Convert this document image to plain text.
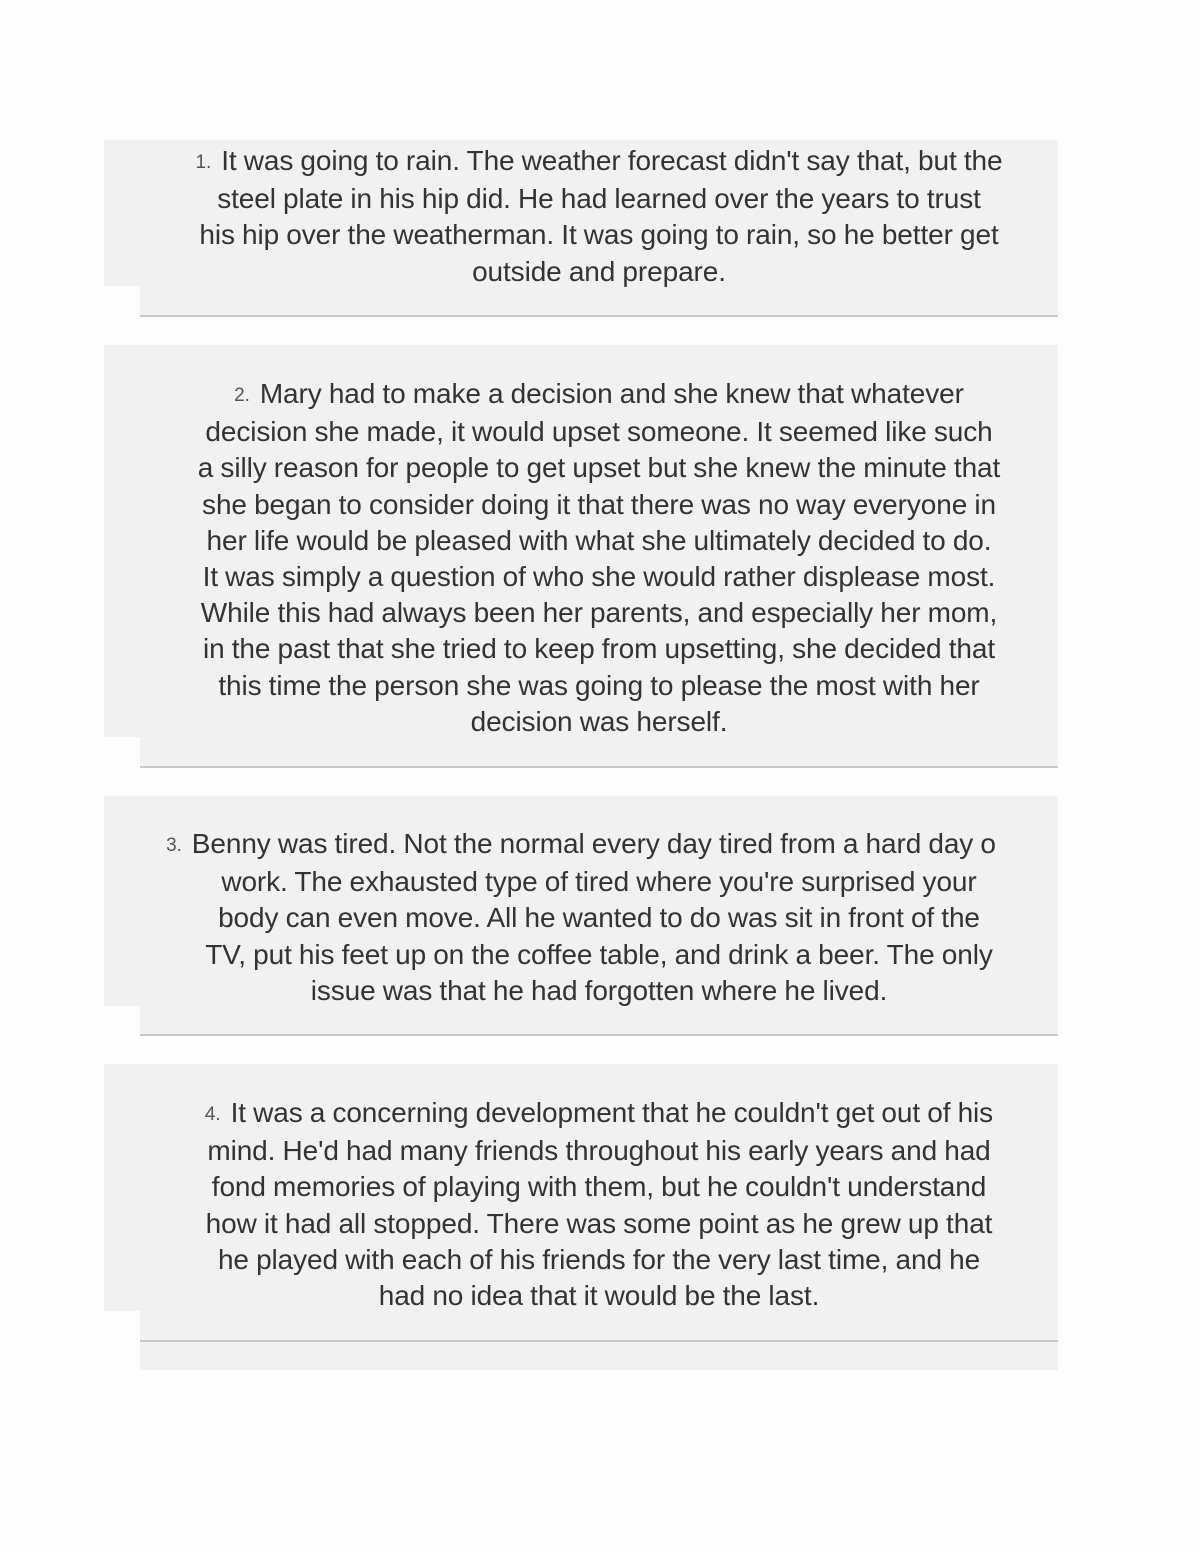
1. It was going to rain. The weather forecast didn't say that, but the
steel plate in his hip did. He had learned over the years to trust
his hip over the weatherman. It was going to rain, so he better get
outside and prepare.
2. Mary had to make a decision and she knew that whatever
decision she made, it would upset someone. It seemed like such
a silly reason for people to get upset but she knew the minute that
she began to consider doing it that there was no way everyone in
her life would be pleased with what she ultimately decided to do.
It was simply a question of who she would rather displease most.
While this had always been her parents, and especially her mom,
in the past that she tried to keep from upsetting, she decided that
this time the person she was going to please the most with her
decision was herself.
3. Benny was tired. Not the normal every day tired from a hard day o
work. The exhausted type of tired where you're surprised your
body can even move. All he wanted to do was sit in front of the
TV, put his feet up on the coffee table, and drink a beer. The only
issue was that he had forgotten where he lived.
4. It was a concerning development that he couldn't get out of his
mind. He'd had many friends throughout his early years and had
fond memories of playing with them, but he couldn't understand
how it had all stopped. There was some point as he grew up that
he played with each of his friends for the very last time, and he
had no idea that it would be the last.
